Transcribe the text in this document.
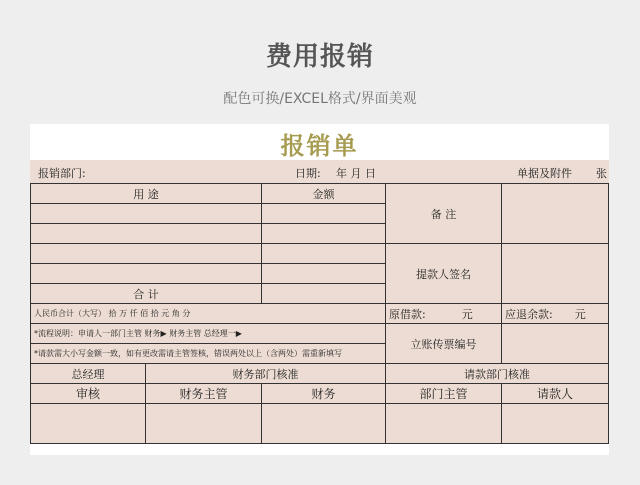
费用报销
配色可换/EXCEL格式/界面美观
报销单
报销部门:	日期: 年 月 日	单据及附件 张
用 途	金额
备 注
提款人签名
合 计
人民币合计（大写） 拾 万 仟 佰 拾 元 角 分
*流程说明：申请人一部门主管 财务▶ 财务主管 总经理一▶
*请款需大小写金额一致，如有更改需请主管签核，错误两处以上（含两处）需重新填写
原借款:	元	应退余款: 元
立账传票编号
总经理	财务部门核准	请款部门核准
审核	财务主管	财务	部门主管	请款人
